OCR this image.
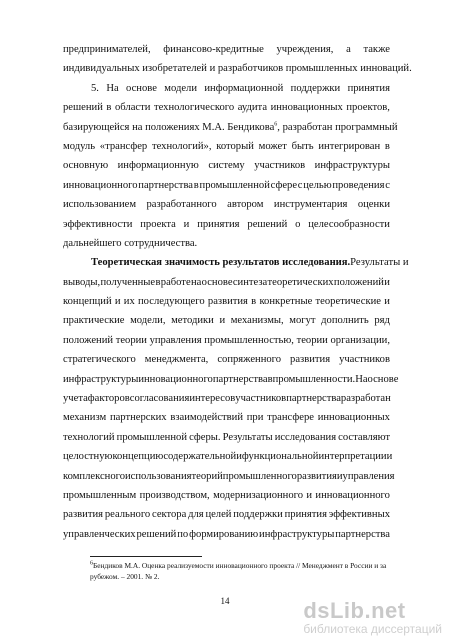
предпринимателей, финансово-кредитные учреждения, а также
индивидуальных изобретателей и разработчиков промышленных инноваций.
5. На основе модели информационной поддержки принятия
решений в области технологического аудита инновационных проектов,
базирующейся на положениях М.А. Бендикова$^6$, разработан программный
модуль «трансфер технологий», который может быть интегрирован в
основную информационную систему участников инфраструктуры
инновационного партнерства в промышленной сфере с целью проведения с
использованием разработанного автором инструментария оценки
эффективности проекта и принятия решений о целесообразности
дальнейшего сотрудничества.
Теоретическая значимость результатов исследования.Результаты и
выводы, полученные в работе на основе синтеза теоретических положений и
концепций и их последующего развития в конкретные теоретические и
практические модели, методики и механизмы, могут дополнить ряд
положений теории управления промышленностью, теории организации,
стратегического менеджмента, сопряженного развития участников
инфраструктуры инновационного партнерства в промышленности. На основе
учета факторов согласования интересов участников партнерства разработан
механизм партнерских взаимодействий при трансфере инновационных
технологий промышленной сферы. Результаты исследования составляют
целостную концепцию содержательной и функциональной интерпретации и
комплексного использования теорий промышленного развития и управления
промышленным производством, модернизационного и инновационного
развития реального сектора для целей поддержки принятия эффективных
управленческих решений по формированию инфраструктуры партнерства
$^6$Бендиков М.А. Оценка реализуемости инновационного проекта // Менеджмент в России и за
рубежом. – 2001. № 2.
14	dsLib.net
библиотека диссертаций
